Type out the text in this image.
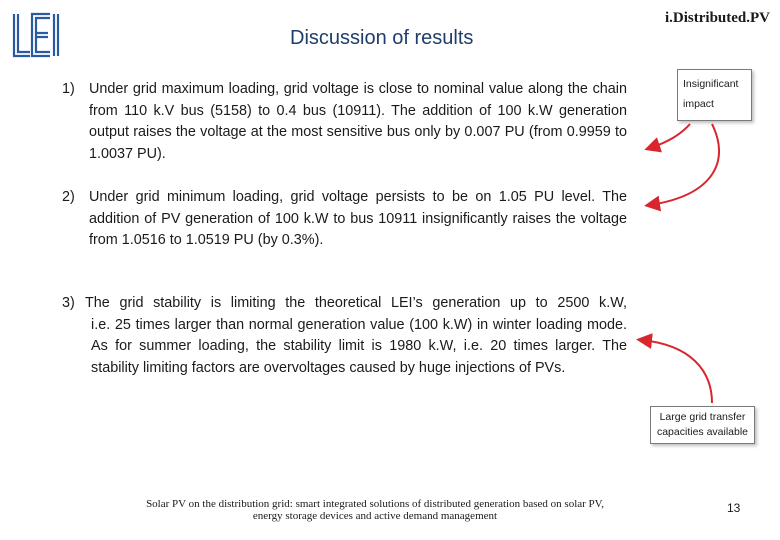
i.Distributed.PV
Discussion of results
1) Under grid maximum loading, grid voltage is close to nominal value along the chain from 110 k.V bus (5158) to 0.4 bus (10911). The addition of 100 k.W generation output raises the voltage at the most sensitive bus only by 0.007 PU (from 0.9959 to 1.0037 PU).
2) Under grid minimum loading, grid voltage persists to be on 1.05 PU level. The addition of PV generation of 100 k.W to bus 10911 insignificantly raises the voltage from 1.0516 to 1.0519 PU (by 0.3%).
3) The grid stability is limiting the theoretical LEI’s generation up to 2500 k.W,
i.e. 25 times larger than normal generation value (100 k.W) in winter loading mode. As for summer loading, the stability limit is 1980 k.W, i.e. 20 times larger. The stability limiting factors are overvoltages caused by huge injections of PVs.
Insignificant
impact
Large grid transfer
capacities available
Solar PV on the distribution grid: smart integrated solutions of distributed generation based on solar PV,
energy storage devices and active demand management
13
